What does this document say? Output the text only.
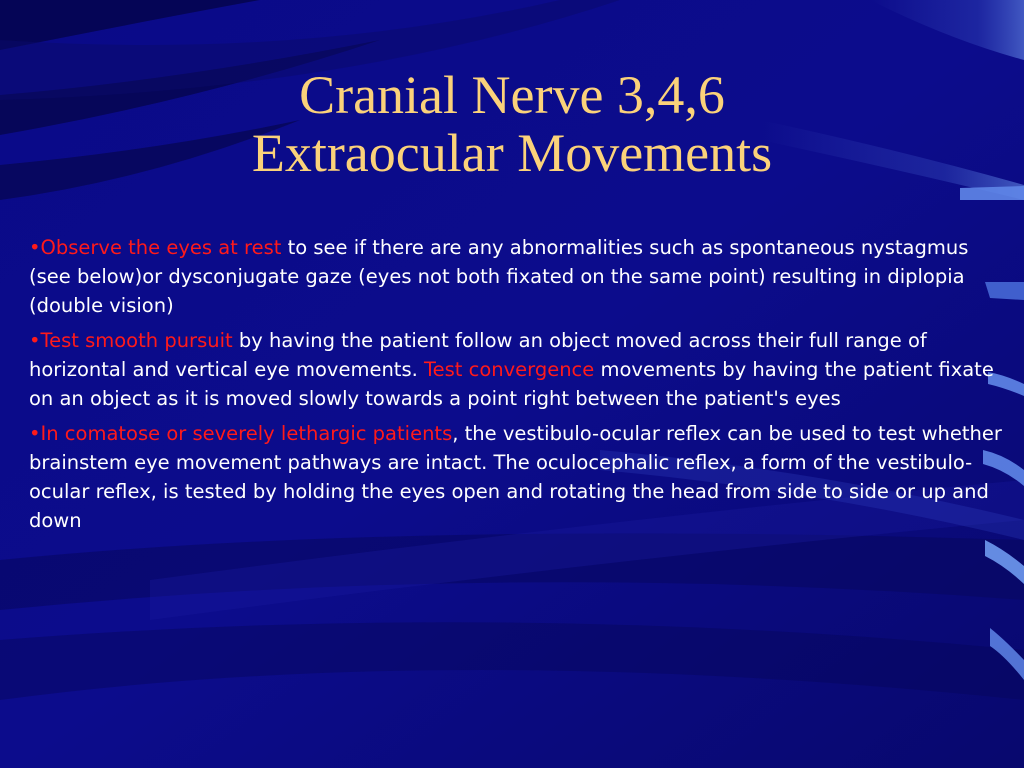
Cranial Nerve 3,4,6
Extraocular Movements

•Observe the eyes at rest to see if there are any abnormalities such as spontaneous nystagmus (see below)or dysconjugate gaze (eyes not both fixated on the same point) resulting in diplopia (double vision)

•Test smooth pursuit by having the patient follow an object moved across their full range of horizontal and vertical eye movements. Test convergence movements by having the patient fixate on an object as it is moved slowly towards a point right between the patient's eyes

•In comatose or severely lethargic patients, the vestibulo-ocular reflex can be used to test whether brainstem eye movement pathways are intact. The oculocephalic reflex, a form of the vestibulo-ocular reflex, is tested by holding the eyes open and rotating the head from side to side or up and down
